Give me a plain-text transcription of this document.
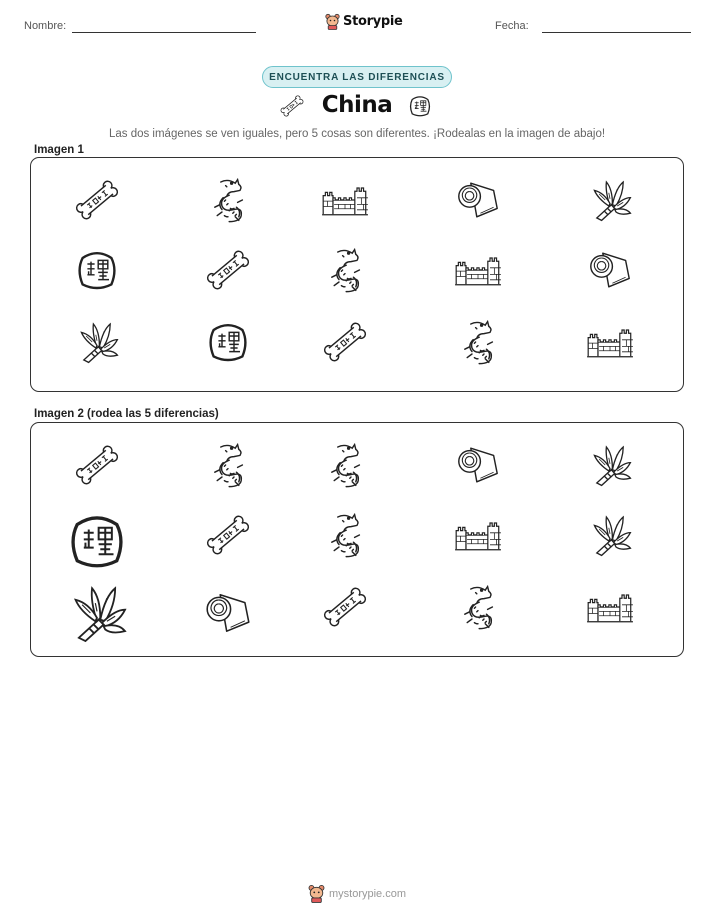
Nombre:	Storypie	Fecha:
ENCUENTRA LAS DIFERENCIAS
China
Las dos imágenes se ven iguales, pero 5 cosas son diferentes. ¡Rodealas en la imagen de abajo!
Imagen 1
Imagen 2 (rodea las 5 diferencias)
mystorypie.com
